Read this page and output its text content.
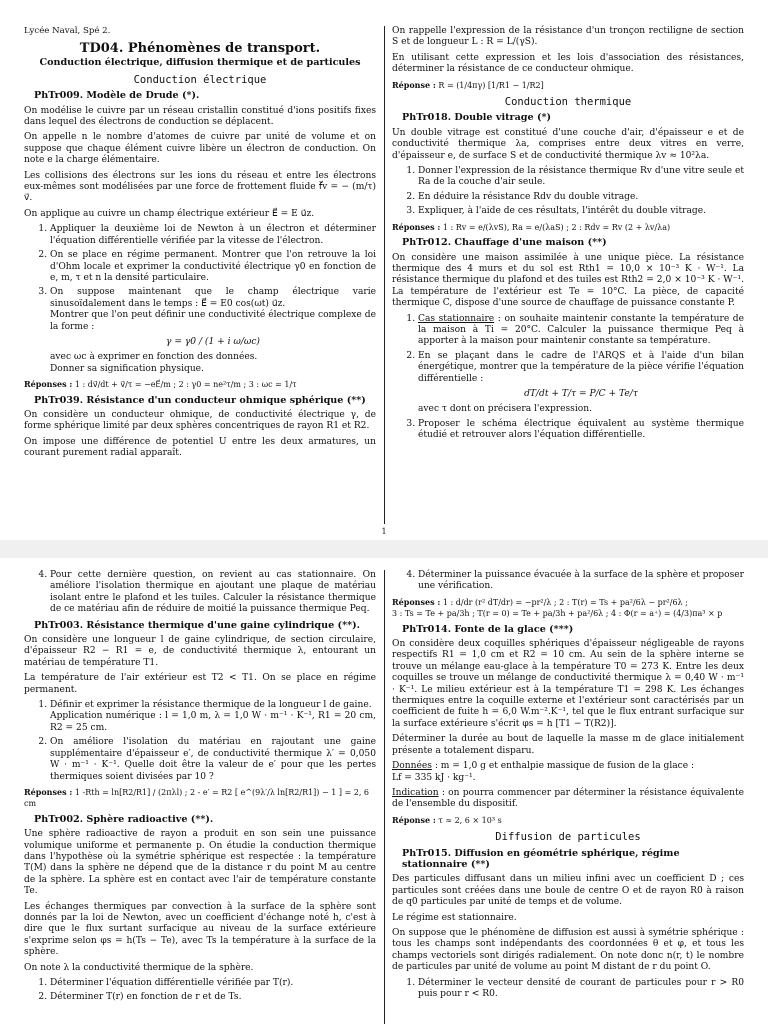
Lycée Naval, Spé 2.
TD04. Phénomènes de transport.
Conduction électrique, diffusion thermique et de particules
Conduction électrique
PhTr009. Modèle de Drude (*).

On modélise le cuivre par un réseau cristallin constitué d'ions positifs fixes dans lequel des électrons de conduction se déplacent.

On appelle n le nombre d'atomes de cuivre par unité de volume et on suppose que chaque élément cuivre libère un électron de conduction. On note e la charge élémentaire.

Les collisions des électrons sur les ions du réseau et entre les électrons eux-mêmes sont modélisées par une force de frottement fluide f⃗v = − (m/τ) v⃗.

On applique au cuivre un champ électrique extérieur E⃗ = E u⃗z.

1. Appliquer la deuxième loi de Newton à un électron et déterminer l'équation différentielle vérifiée par la vitesse de l'électron.
2. On se place en régime permanent. Montrer que l'on retrouve la loi d'Ohm locale et exprimer la conductivité électrique γ0 en fonction de e, m, τ et n la densité particulaire.
3. On suppose maintenant que le champ électrique varie sinusoïdalement dans le temps : E⃗ = E0 cos(ωt) u⃗z.
Montrer que l'on peut définir une conductivité électrique complexe de la forme :
γ = γ0 / (1 + i ω/ωc)
avec ωc à exprimer en fonction des données.
Donner sa signification physique.
Réponses : 1 : dv⃗/dt + v⃗/τ = −eE⃗/m ; 2 : γ0 = ne²τ/m ; 3 : ωc = 1/τ
PhTr039. Résistance d'un conducteur ohmique sphérique (**)

On considère un conducteur ohmique, de conductivité électrique γ, de forme sphérique limité par deux sphères concentriques de rayon R1 et R2.

On impose une différence de potentiel U entre les deux armatures, un courant purement radial apparaît.

On rappelle l'expression de la résistance d'un tronçon rectiligne de section S et de longueur L : R = L/(γS).

En utilisant cette expression et les lois d'association des résistances, déterminer la résistance de ce conducteur ohmique.

Réponse : R = (1/4πγ) [1/R1 − 1/R2]
Conduction thermique
PhTr018. Double vitrage (*)

Un double vitrage est constitué d'une couche d'air, d'épaisseur e et de conductivité thermique λa, comprises entre deux vitres en verre, d'épaisseur e, de surface S et de conductivité thermique λv ≈ 10²λa.

1. Donner l'expression de la résistance thermique Rv d'une vitre seule et Ra de la couche d'air seule.
2. En déduire la résistance Rdv du double vitrage.
3. Expliquer, à l'aide de ces résultats, l'intérêt du double vitrage.
Réponses : 1 : Rv = e/(λvS), Ra = e/(λaS) ; 2 : Rdv = Rv (2 + λv/λa)
PhTr012. Chauffage d'une maison (**)

On considère une maison assimilée à une unique pièce. La résistance thermique des 4 murs et du sol est Rth1 = 10,0 × 10⁻³ K · W⁻¹. La résistance thermique du plafond et des tuiles est Rth2 = 2,0 × 10⁻³ K · W⁻¹. La température de l'extérieur est Te = 10°C. La pièce, de capacité thermique C, dispose d'une source de chauffage de puissance constante P.

1. Cas stationnaire : on souhaite maintenir constante la température de la maison à Ti = 20°C. Calculer la puissance thermique Peq à apporter à la maison pour maintenir constante sa température.
2. En se plaçant dans le cadre de l'ARQS et à l'aide d'un bilan énergétique, montrer que la température de la pièce vérifie l'équation différentielle :
dT/dt + T/τ = P/C + Te/τ
avec τ dont on précisera l'expression.
3. Proposer le schéma électrique équivalent au système thermique étudié et retrouver alors l'équation différentielle.
1
4. Pour cette dernière question, on revient au cas stationnaire. On améliore l'isolation thermique en ajoutant une plaque de matériau isolant entre le plafond et les tuiles. Calculer la résistance thermique de ce matériau afin de réduire de moitié la puissance thermique Peq.
PhTr003. Résistance thermique d'une gaine cylindrique (**).

On considère une longueur l de gaine cylindrique, de section circulaire, d'épaisseur R2 − R1 = e, de conductivité thermique λ, entourant un matériau de température T1.

La température de l'air extérieur est T2 < T1. On se place en régime permanent.

1. Définir et exprimer la résistance thermique de la longueur l de gaine.
Application numérique : l = 1,0 m, λ = 1,0 W · m⁻¹ · K⁻¹, R1 = 20 cm, R2 = 25 cm.
2. On améliore l'isolation du matériau en rajoutant une gaine supplémentaire d'épaisseur e′, de conductivité thermique λ′ = 0,050 W · m⁻¹ · K⁻¹. Quelle doit être la valeur de e′ pour que les pertes thermiques soient divisées par 10 ?
Réponses : 1 -Rth = ln[R2/R1] / (2πλl) ; 2 - e′ = R2 [ e^(9λ′/λ ln[R2/R1]) − 1 ] = 2, 6 cm
PhTr002. Sphère radioactive (**).

Une sphère radioactive de rayon a produit en son sein une puissance volumique uniforme et permanente p. On étudie la conduction thermique dans l'hypothèse où la symétrie sphérique est respectée : la température T(M) dans la sphère ne dépend que de la distance r du point M au centre de la sphère. La sphère est en contact avec l'air de température constante Te.

Les échanges thermiques par convection à la surface de la sphère sont donnés par la loi de Newton, avec un coefficient d'échange noté h, c'est à dire que le flux surtant surfacique au niveau de la surface extérieure s'exprime selon φs = h(Ts − Te), avec Ts la température à la surface de la sphère.

On note λ la conductivité thermique de la sphère.

1. Déterminer l'équation différentielle vérifiée par T(r).
2. Déterminer T(r) en fonction de r et de Ts.
4. Déterminer la puissance évacuée à la surface de la sphère et proposer une vérification.
Réponses : 1 : d/dr (r² dT/dr) = −pr²/λ ; 2 : T(r) = Ts + pa²/6λ − pr²/6λ ;
3 : Ts = Te + pa/3h ; T(r = 0) = Te + pa/3h + pa²/6λ ; 4 : Φ(r = a⁺) = (4/3)πa³ × p
PhTr014. Fonte de la glace (***)

On considère deux coquilles sphériques d'épaisseur négligeable de rayons respectifs R1 = 1,0 cm et R2 = 10 cm. Au sein de la sphère interne se trouve un mélange eau-glace à la température T0 = 273 K. Entre les deux coquilles se trouve un mélange de conductivité thermique λ = 0,40 W · m⁻¹ · K⁻¹. Le milieu extérieur est à la température T1 = 298 K. Les échanges thermiques entre la coquille externe et l'extérieur sont caractérisés par un coefficient de fuite h = 6,0 W.m⁻².K⁻¹, tel que le flux entrant surfacique sur la surface extérieure s'écrit φs = h [T1 − T(R2)].

Déterminer la durée au bout de laquelle la masse m de glace initialement présente a totalement disparu.

Données : m = 1,0 g et enthalpie massique de fusion de la glace :
Lf = 335 kJ · kg⁻¹.

Indication : on pourra commencer par déterminer la résistance équivalente de l'ensemble du dispositif.

Réponse : τ ≈ 2, 6 × 10³ s
Diffusion de particules
PhTr015. Diffusion en géométrie sphérique, régime stationnaire (**)

Des particules diffusant dans un milieu infini avec un coefficient D ; ces particules sont créées dans une boule de centre O et de rayon R0 à raison de q0 particules par unité de temps et de volume.

Le régime est stationnaire.

On suppose que le phénomène de diffusion est aussi à symétrie sphérique : tous les champs sont indépendants des coordonnées θ et φ, et tous les champs vectoriels sont dirigés radialement. On note donc n(r, t) le nombre de particules par unité de volume au point M distant de r du point O.

1. Déterminer le vecteur densité de courant de particules pour r > R0 puis pour r < R0.
